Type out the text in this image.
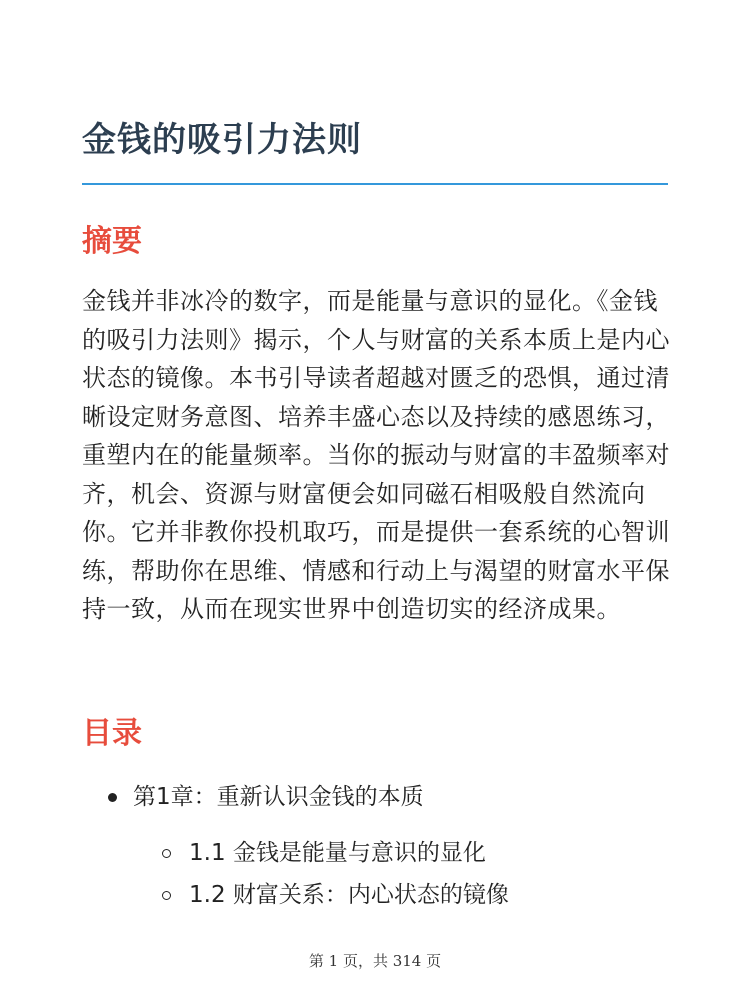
金钱的吸引力法则
摘要

金钱并非冰冷的数字，而是能量与意识的显化。《金钱的吸引力法则》揭示，个人与财富的关系本质上是内心状态的镜像。本书引导读者超越对匮乏的恐惧，通过清晰设定财务意图、培养丰盛心态以及持续的感恩练习，重塑内在的能量频率。当你的振动与财富的丰盈频率对齐，机会、资源与财富便会如同磁石相吸般自然流向你。它并非教你投机取巧，而是提供一套系统的心智训练，帮助你在思维、情感和行动上与渴望的财富水平保持一致，从而在现实世界中创造切实的经济成果。

目录
第1章：重新认识金钱的本质
1.1 金钱是能量与意识的显化
1.2 财富关系：内心状态的镜像
第 1 页，共 314 页
